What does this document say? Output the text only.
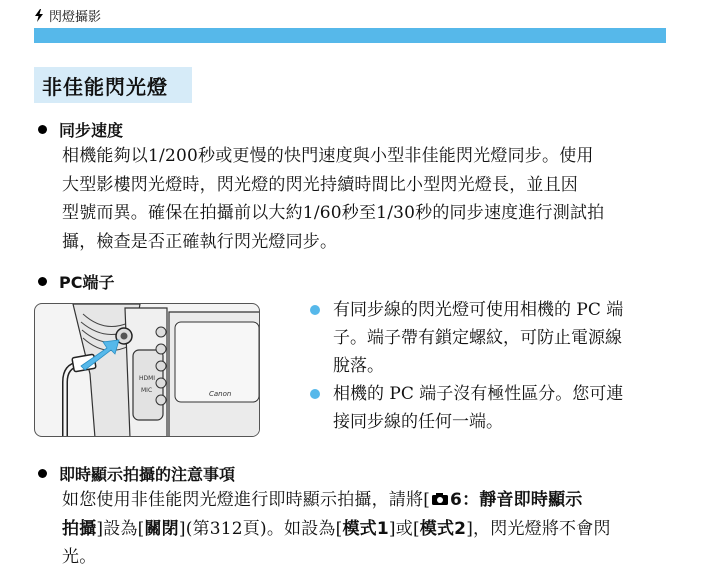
閃燈攝影
非佳能閃光燈
同步速度
相機能夠以1/200秒或更慢的快門速度與小型非佳能閃光燈同步。使用
大型影樓閃光燈時，閃光燈的閃光持續時間比小型閃光燈長，並且因
型號而異。確保在拍攝前以大約1/60秒至1/30秒的同步速度進行測試拍
攝，檢查是否正確執行閃光燈同步。
PC端子
HDMI
MIC	Canon
有同步線的閃光燈可使用相機的 PC 端
子。端子帶有鎖定螺紋，可防止電源線
脫落。
相機的 PC 端子沒有極性區分。您可連
接同步線的任何一端。
即時顯示拍攝的注意事項
如您使用非佳能閃光燈進行即時顯示拍攝，請將[ 6：靜音即時顯示
拍攝]設為[關閉](第312頁)。如設為[模式1]或[模式2]，閃光燈將不會閃
光。
